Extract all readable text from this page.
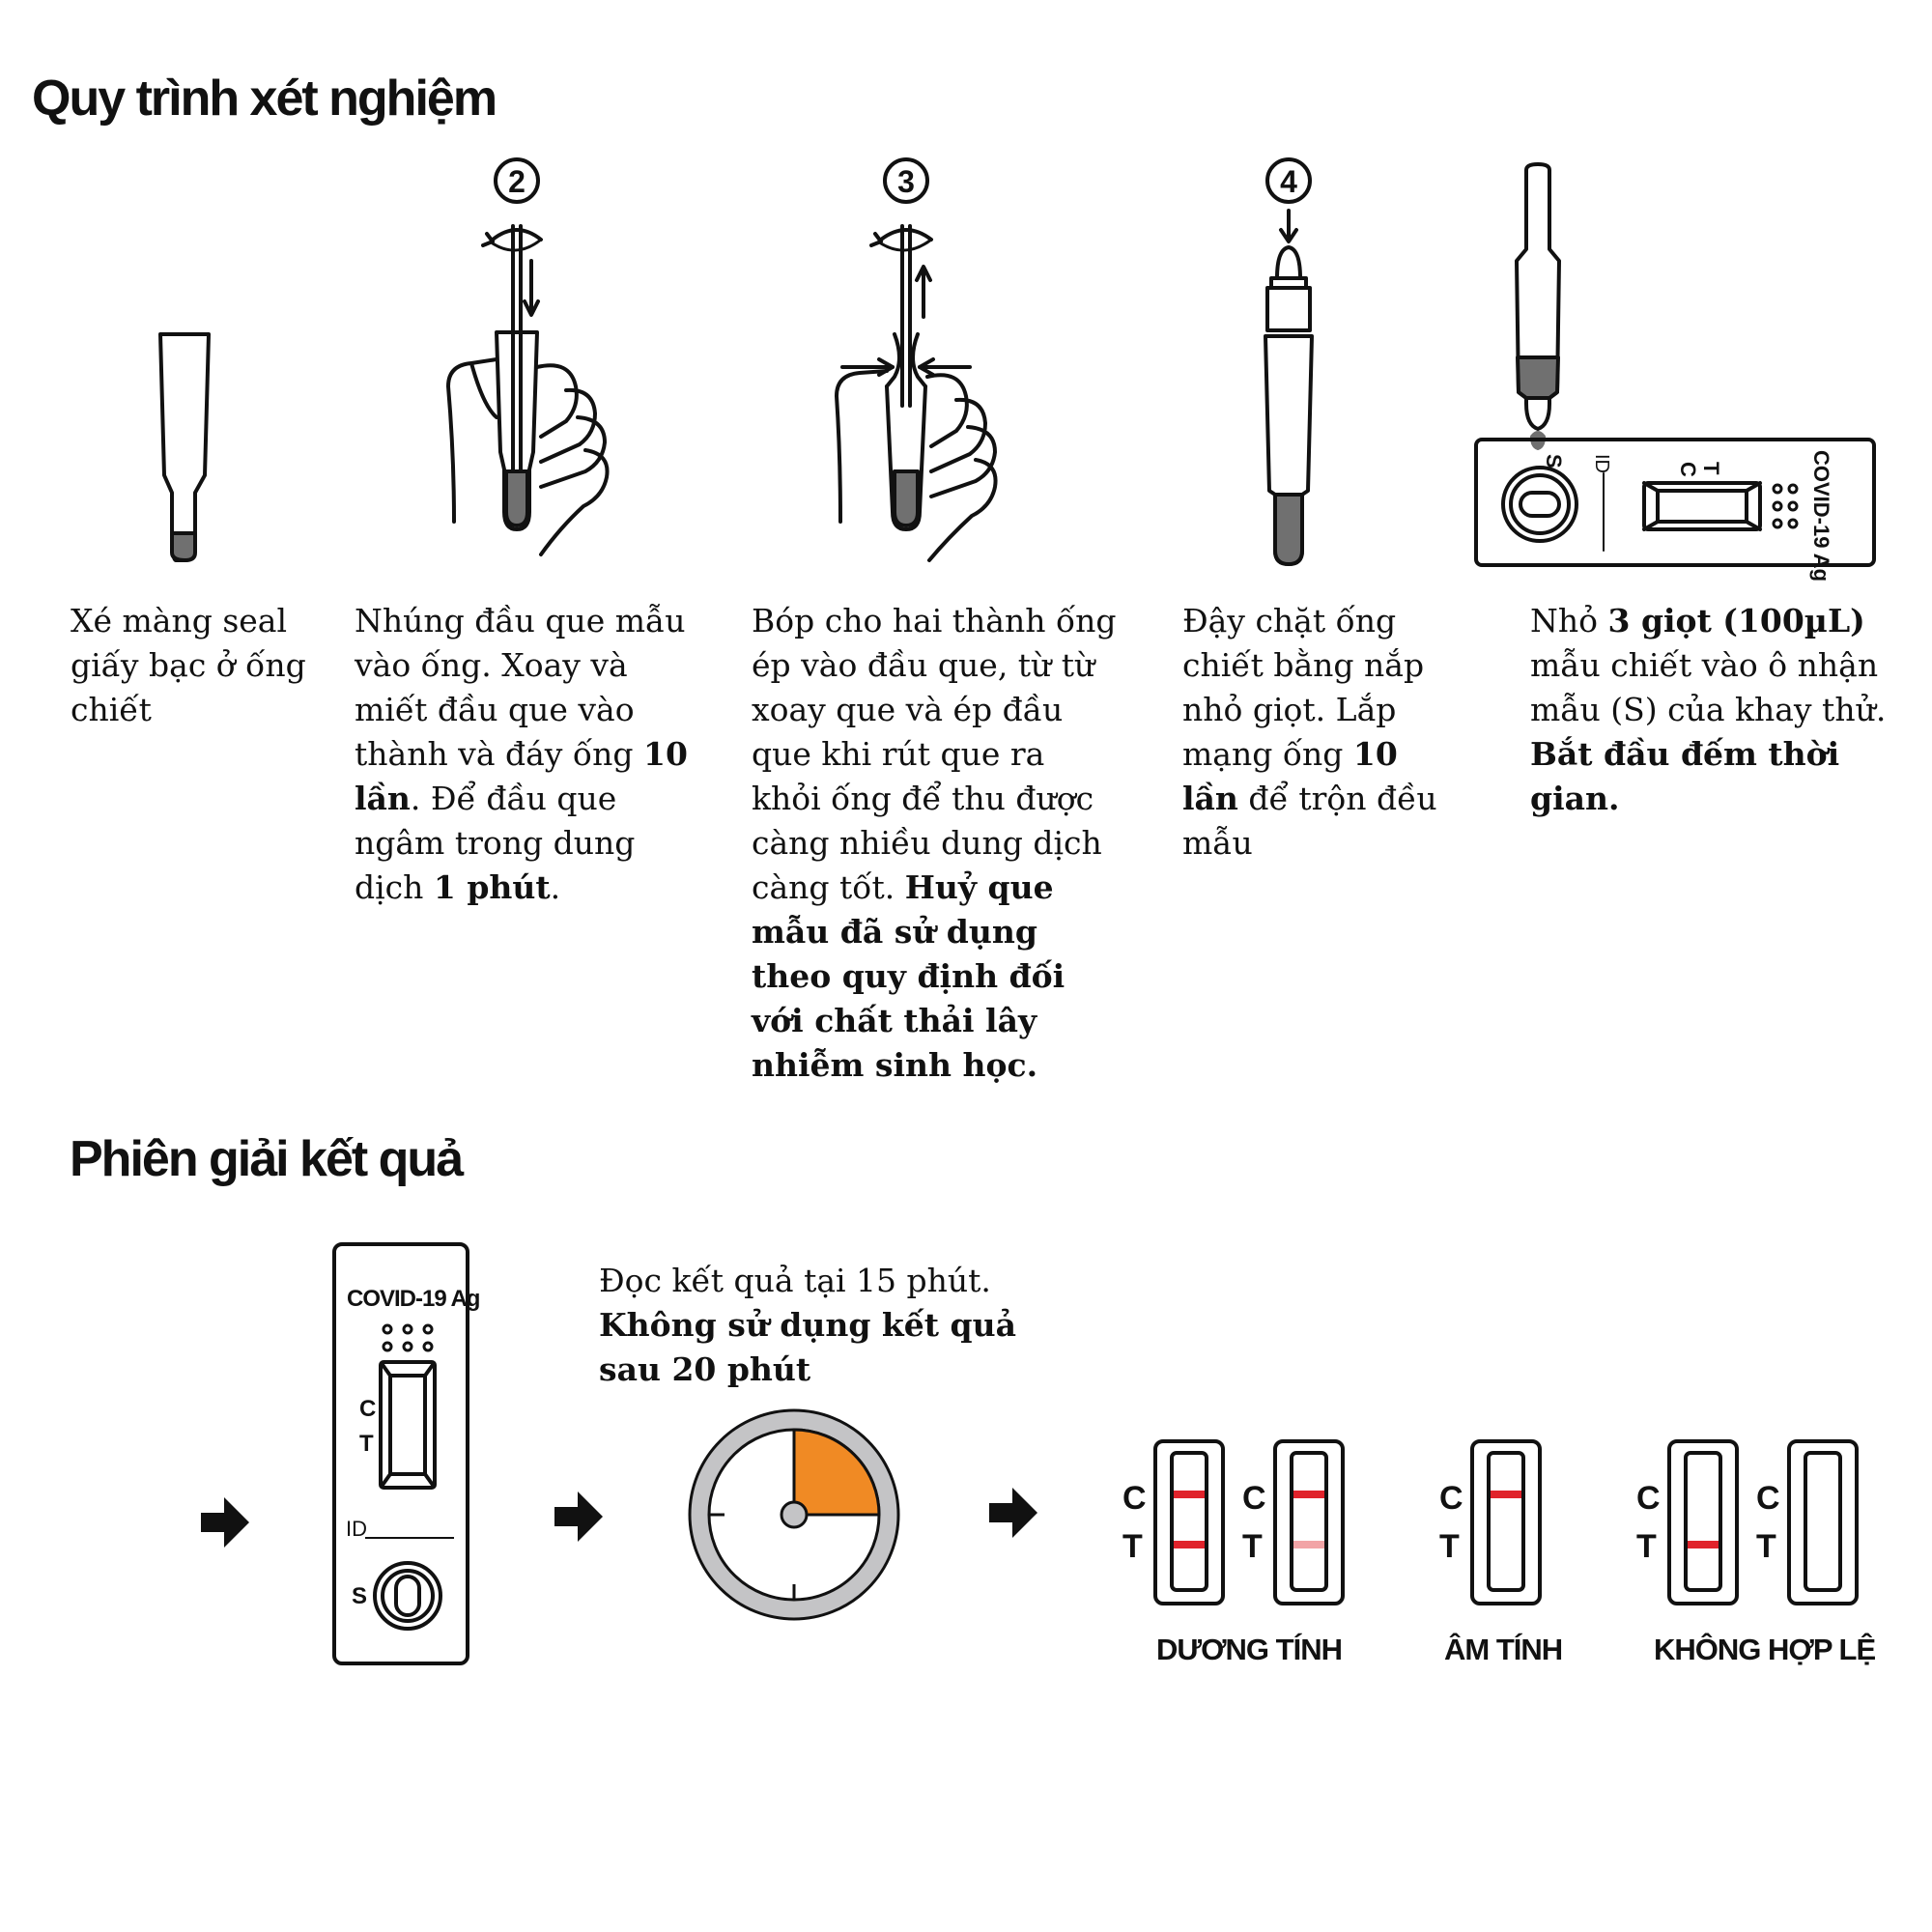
Quy trình xét nghiệm
Phiên giải kết quả
2	3	4
S ID	C T	COVID-19 Ag

Xé màng seal giấy bạc ở ống chiết

Nhúng đầu que mẫu vào ống. Xoay và miết đầu que vào thành và đáy ống 10 lần. Để đầu que ngâm trong dung dịch 1 phút.

Bóp cho hai thành ống ép vào đầu que, từ từ xoay que và ép đầu que khi rút que ra khỏi ống để thu được càng nhiều dung dịch càng tốt. Huỷ que mẫu đã sử dụng theo quy định đối với chất thải lây nhiễm sinh học.

Đậy chặt ống chiết bằng nắp nhỏ giọt. Lắp mạng ống 10 lần để trộn đều mẫu

Nhỏ 3 giọt (100µL) mẫu chiết vào ô nhận mẫu (S) của khay thử. Bắt đầu đếm thời gian.

COVID-19 Ag
C
T
ID
S
C
T
C
T
C
T
C
T
C
T

Đọc kết quả tại 15 phút.

Không sử dụng kết quả sau 20 phút

DƯƠNG TÍNH	ÂM TÍNH	KHÔNG HỢP LỆ
